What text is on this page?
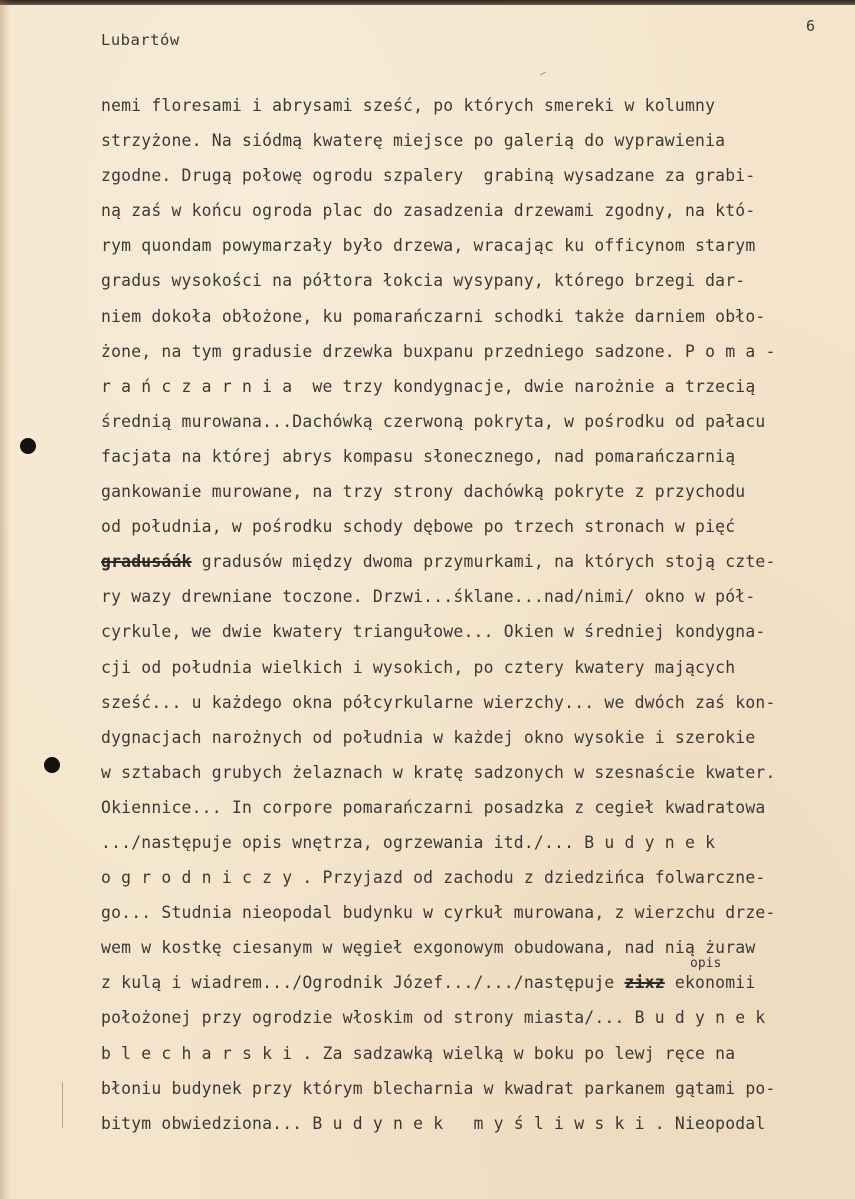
Lubartów
6
nemi floresami i abrysami sześć, po których smereki w kolumny
strzyżone. Na siódmą kwaterę miejsce po galerią do wyprawienia
zgodne. Drugą połowę ogrodu szpalery  grabiną wysadzane za grabi-
ną zaś w końcu ogroda plac do zasadzenia drzewami zgodny, na któ-
rym quondam powymarzały było drzewa, wracając ku officynom starym
gradus wysokości na półtora łokcia wysypany, którego brzegi dar-
niem dokoła obłożone, ku pomarańczarni schodki także darniem obło-
żone, na tym gradusie drzewka buxpanu przedniego sadzone. P o m a -
r a ń c z a r n i a  we trzy kondygnacje, dwie narożnie a trzecią
średnią murowana...Dachówką czerwoną pokryta, w pośrodku od pałacu
facjata na której abrys kompasu słonecznego, nad pomarańczarnią
gankowanie murowane, na trzy strony dachówką pokryte z przychodu
od południa, w pośrodku schody dębowe po trzech stronach w pięć
gradusáák gradusów między dwoma przymurkami, na których stoją czte-
ry wazy drewniane toczone. Drzwi...śklane...nad/nimi/ okno w pół-
cyrkule, we dwie kwatery triangułowe... Okien w średniej kondygna-
cji od południa wielkich i wysokich, po cztery kwatery mających
sześć... u każdego okna półcyrkularne wierzchy... we dwóch zaś kon-
dygnacjach narożnych od południa w każdej okno wysokie i szerokie
w sztabach grubych żelaznach w kratę sadzonych w szesnaście kwater.
Okiennice... In corpore pomarańczarni posadzka z cegieł kwadratowa
.../następuje opis wnętrza, ogrzewania itd./... B u d y n e k
o g r o d n i c z y . Przyjazd od zachodu z dziedzińca folwarczne-
go... Studnia nieopodal budynku w cyrkuł murowana, z wierzchu drze-
wem w kostkę ciesanym w węgieł exgonowym obudowana, nad nią żuraw
z kulą i wiadrem.../Ogrodnik Józef.../.../następuje zixz ekonomii
położonej przy ogrodzie włoskim od strony miasta/... B u d y n e k
b l e c h a r s k i . Za sadzawką wielką w boku po lewj ręce na
błoniu budynek przy którym blecharnia w kwadrat parkanem gątami po-
bitym obwiedziona... B u d y n e k   m y ś l i w s k i . Nieopodal
opis
